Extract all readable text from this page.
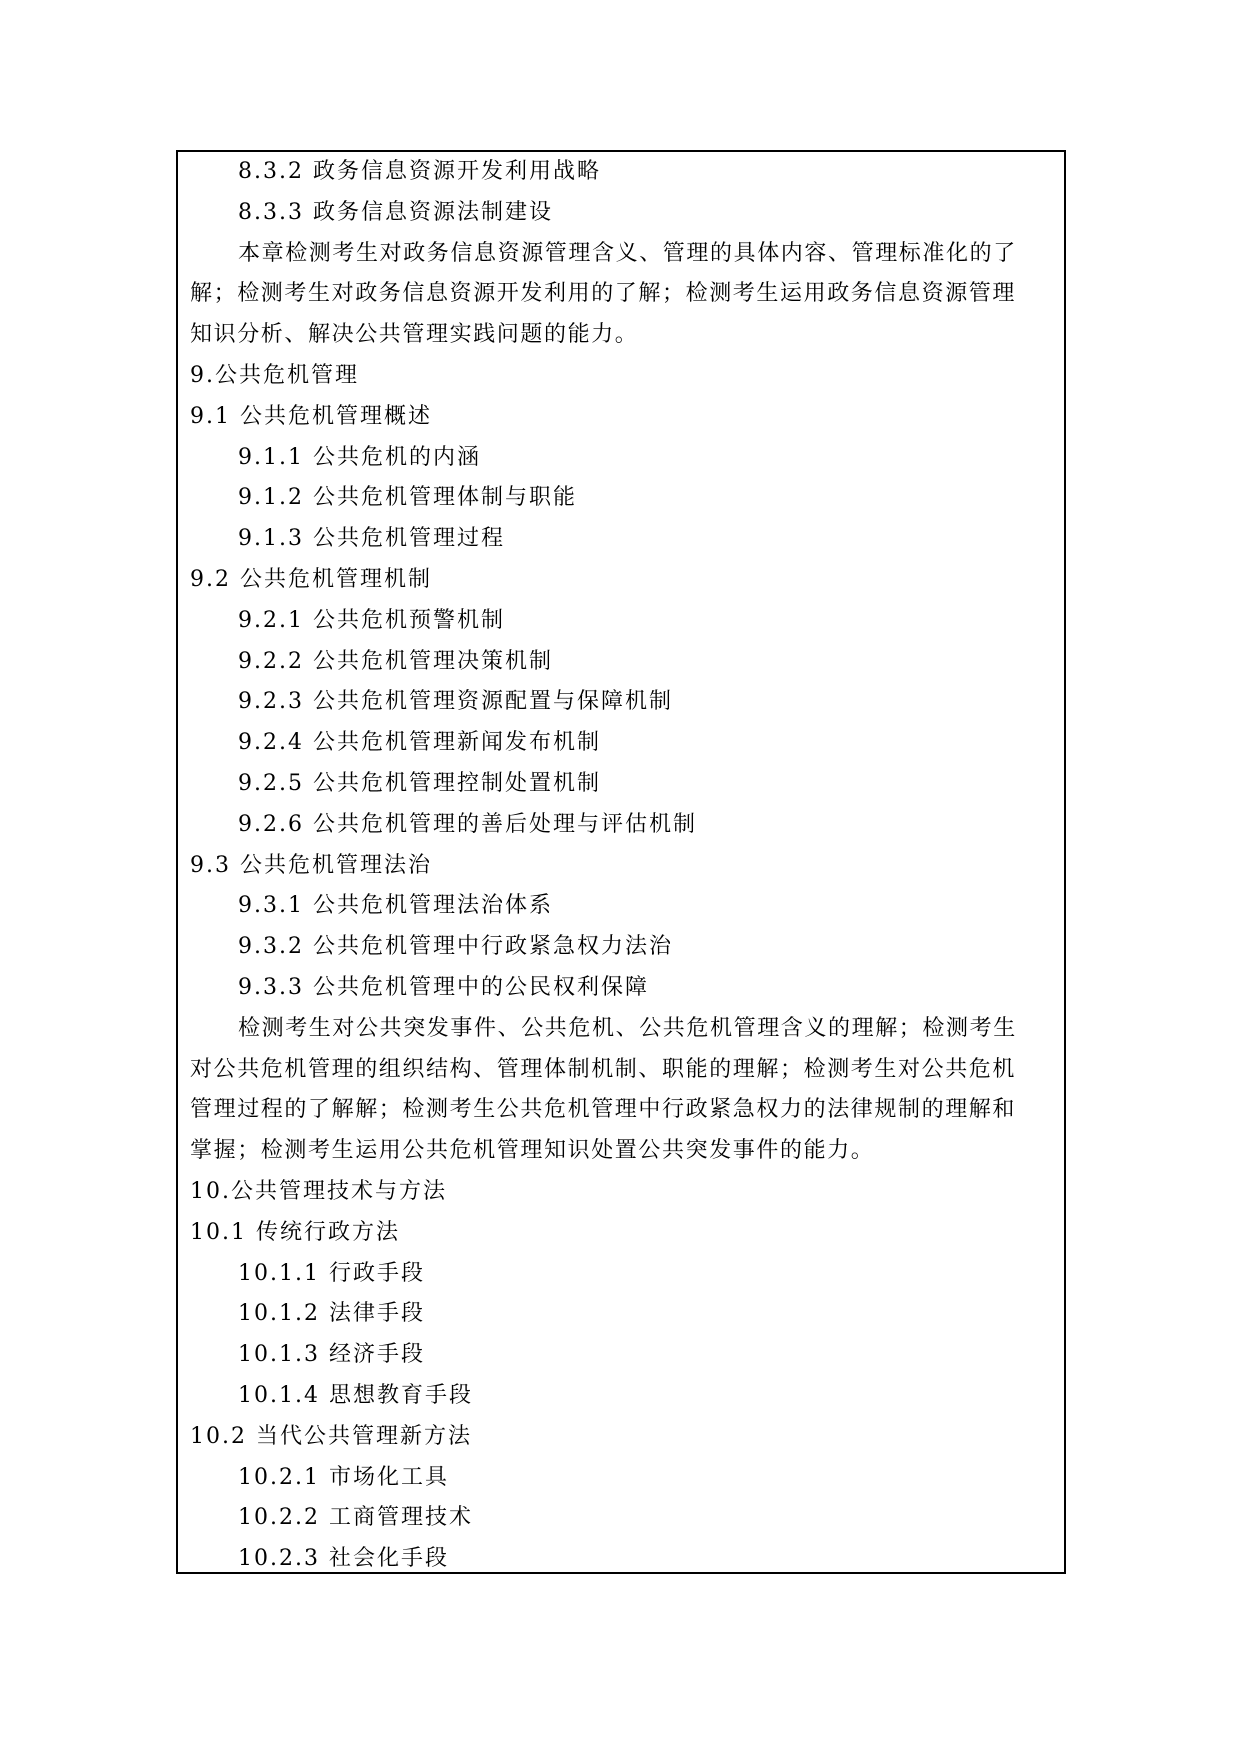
8.3.2 政务信息资源开发利用战略
8.3.3 政务信息资源法制建设
本章检测考生对政务信息资源管理含义、管理的具体内容、管理标准化的了
解；检测考生对政务信息资源开发利用的了解；检测考生运用政务信息资源管理
知识分析、解决公共管理实践问题的能力。
9.公共危机管理
9.1 公共危机管理概述
9.1.1 公共危机的内涵
9.1.2 公共危机管理体制与职能
9.1.3 公共危机管理过程
9.2 公共危机管理机制
9.2.1 公共危机预警机制
9.2.2 公共危机管理决策机制
9.2.3 公共危机管理资源配置与保障机制
9.2.4 公共危机管理新闻发布机制
9.2.5 公共危机管理控制处置机制
9.2.6 公共危机管理的善后处理与评估机制
9.3 公共危机管理法治
9.3.1 公共危机管理法治体系
9.3.2 公共危机管理中行政紧急权力法治
9.3.3 公共危机管理中的公民权利保障
检测考生对公共突发事件、公共危机、公共危机管理含义的理解；检测考生
对公共危机管理的组织结构、管理体制机制、职能的理解；检测考生对公共危机
管理过程的了解解；检测考生公共危机管理中行政紧急权力的法律规制的理解和
掌握；检测考生运用公共危机管理知识处置公共突发事件的能力。
10.公共管理技术与方法
10.1 传统行政方法
10.1.1 行政手段
10.1.2 法律手段
10.1.3 经济手段
10.1.4 思想教育手段
10.2 当代公共管理新方法
10.2.1 市场化工具
10.2.2 工商管理技术
10.2.3 社会化手段
